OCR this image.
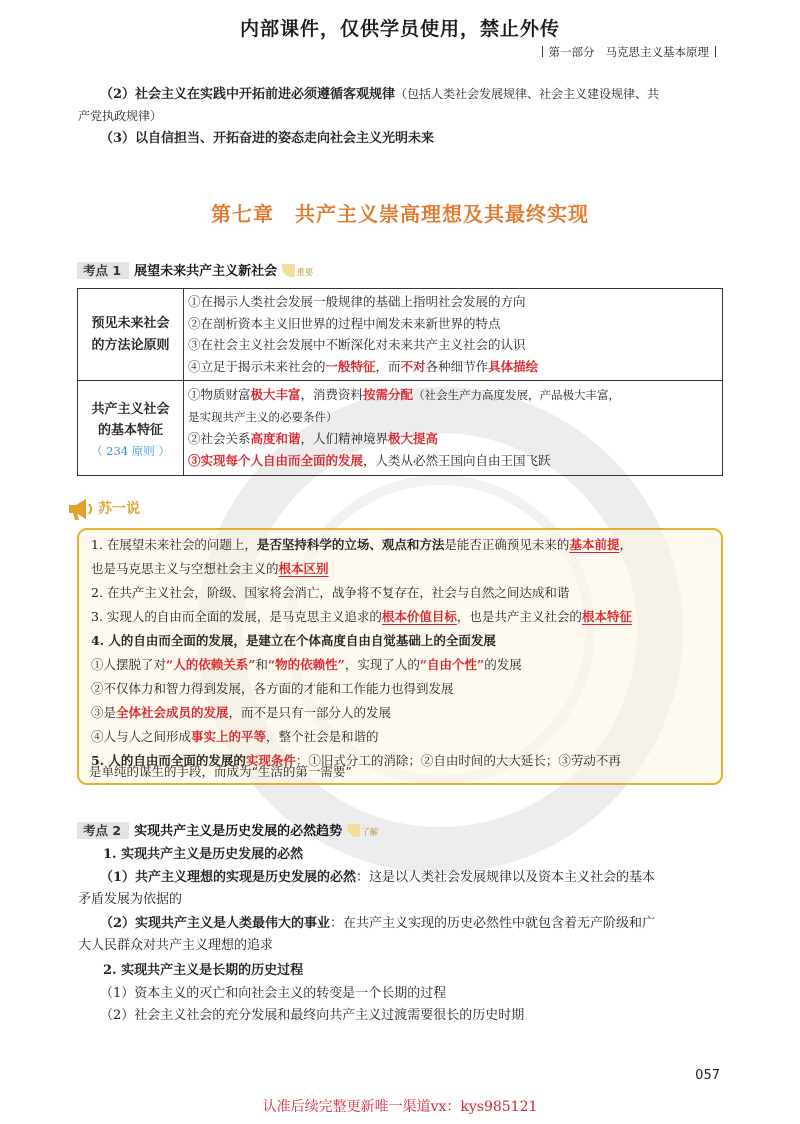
内部课件，仅供学员使用，禁止外传
第一部分 马克思主义基本原理
（2）社会主义在实践中开拓前进必须遵循客观规律（包括人类社会发展规律、社会主义建设规律、共
产党执政规律）
（3）以自信担当、开拓奋进的姿态走向社会主义光明未来
第七章　共产主义崇高理想及其最终实现
考点 1 展望未来共产主义新社会 重要
预见未来社会
的方法论原则
①在揭示人类社会发展一般规律的基础上指明社会发展的方向
②在剖析资本主义旧世界的过程中阐发未来新世界的特点
③在社会主义社会发展中不断深化对未来共产主义社会的认识
④立足于揭示未来社会的一般特征，而不对各种细节作具体描绘
共产主义社会
的基本特征
（ 234 原则 ）
①物质财富极大丰富，消费资料按需分配（社会生产力高度发展，产品极大丰富，
是实现共产主义的必要条件）
②社会关系高度和谐，人们精神境界极大提高
③实现每个人自由而全面的发展，人类从必然王国向自由王国飞跃
苏一说
1. 在展望未来社会的问题上，是否坚持科学的立场、观点和方法是能否正确预见未来的基本前提，
也是马克思主义与空想社会主义的根本区别
2. 在共产主义社会，阶级、国家将会消亡，战争将不复存在，社会与自然之间达成和谐
3. 实现人的自由而全面的发展，是马克思主义追求的根本价值目标，也是共产主义社会的根本特征
4. 人的自由而全面的发展，是建立在个体高度自由自觉基础上的全面发展
①人摆脱了对“人的依赖关系”和“物的依赖性”，实现了人的“自由个性”的发展
②不仅体力和智力得到发展，各方面的才能和工作能力也得到发展
③是全体社会成员的发展，而不是只有一部分人的发展
④人与人之间形成事实上的平等，整个社会是和谐的
5. 人的自由而全面的发展的实现条件：①旧式分工的消除；②自由时间的大大延长；③劳动不再
是单纯的谋生的手段，而成为“生活的第一需要”
考点 2 实现共产主义是历史发展的必然趋势 了解
1. 实现共产主义是历史发展的必然
（1）共产主义理想的实现是历史发展的必然：这是以人类社会发展规律以及资本主义社会的基本
矛盾发展为依据的
（2）实现共产主义是人类最伟大的事业：在共产主义实现的历史必然性中就包含着无产阶级和广
大人民群众对共产主义理想的追求
2. 实现共产主义是长期的历史过程
（1）资本主义的灭亡和向社会主义的转变是一个长期的过程
（2）社会主义社会的充分发展和最终向共产主义过渡需要很长的历史时期
057
认准后续完整更新唯一渠道vx：kys985121
